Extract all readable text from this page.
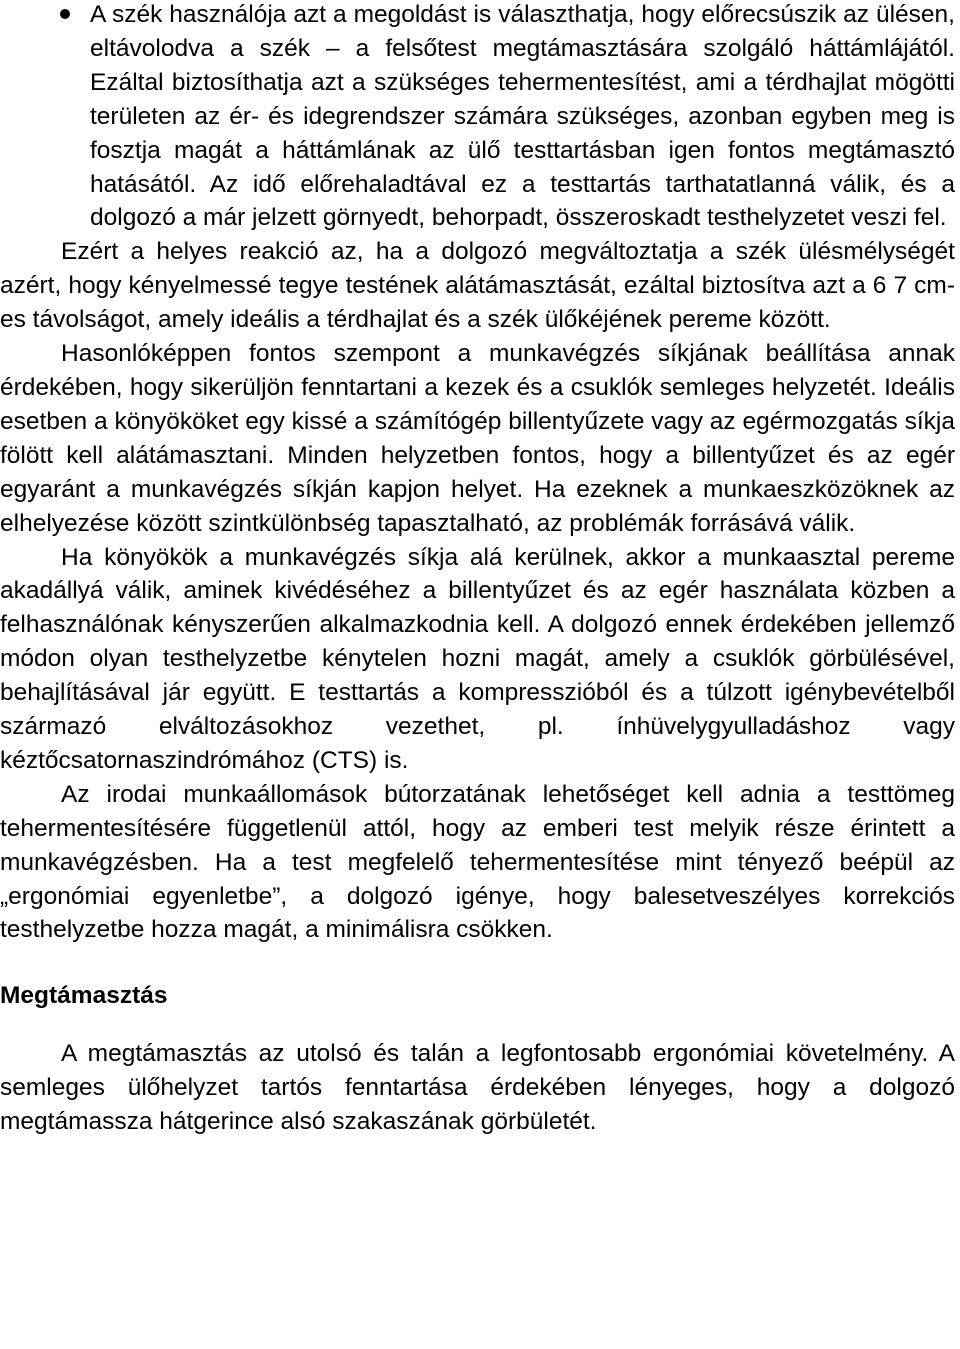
A szék használója azt a megoldást is választhatja, hogy előrecsúszik az ülésen, eltávolodva a szék – a felsőtest megtámasztására szolgáló háttámlájától. Ezáltal biztosíthatja azt a szükséges tehermentesítést, ami a térdhajlat mögötti területen az ér- és idegrendszer számára szükséges, azonban egyben meg is fosztja magát a háttámlának az ülő testtartásban igen fontos megtámasztó hatásától. Az idő előrehaladtával ez a testtartás tarthatatlanná válik, és a dolgozó a már jelzett görnyedt, behorpadt, összeroskadt testhelyzetet veszi fel.

Ezért a helyes reakció az, ha a dolgozó megváltoztatja a szék ülésmélységét azért, hogy kényelmessé tegye testének alátámasztását, ezáltal biztosítva azt a 6 7 cm-es távolságot, amely ideális a térdhajlat és a szék ülőkéjének pereme között.

Hasonlóképpen fontos szempont a munkavégzés síkjának beállítása annak érdekében, hogy sikerüljön fenntartani a kezek és a csuklók semleges helyzetét. Ideális esetben a könyököket egy kissé a számítógép billentyűzete vagy az egérmozgatás síkja fölött kell alátámasztani. Minden helyzetben fontos, hogy a billentyűzet és az egér egyaránt a munkavégzés síkján kapjon helyet. Ha ezeknek a munkaeszközöknek az elhelyezése között szintkülönbség tapasztalható, az problémák forrásává válik.

Ha könyökök a munkavégzés síkja alá kerülnek, akkor a munkaasztal pereme akadállyá válik, aminek kivédéséhez a billentyűzet és az egér használata közben a felhasználónak kényszerűen alkalmazkodnia kell. A dolgozó ennek érdekében jellemző módon olyan testhelyzetbe kénytelen hozni magát, amely a csuklók görbülésével, behajlításával jár együtt. E testtartás a kompresszióból és a túlzott igénybevételből származó elváltozásokhoz vezethet, pl. ínhüvelygyulladáshoz vagy kéztőcsatornaszindrómához (CTS) is.

Az irodai munkaállomások bútorzatának lehetőséget kell adnia a testtömeg tehermentesítésére függetlenül attól, hogy az emberi test melyik része érintett a munkavégzésben. Ha a test megfelelő tehermentesítése mint tényező beépül az „ergonómiai egyenletbe”, a dolgozó igénye, hogy balesetveszélyes korrekciós testhelyzetbe hozza magát, a minimálisra csökken.

Megtámasztás

A megtámasztás az utolsó és talán a legfontosabb ergonómiai követelmény. A semleges ülőhelyzet tartós fenntartása érdekében lényeges, hogy a dolgozó megtámassza hátgerince alsó szakaszának görbületét.
